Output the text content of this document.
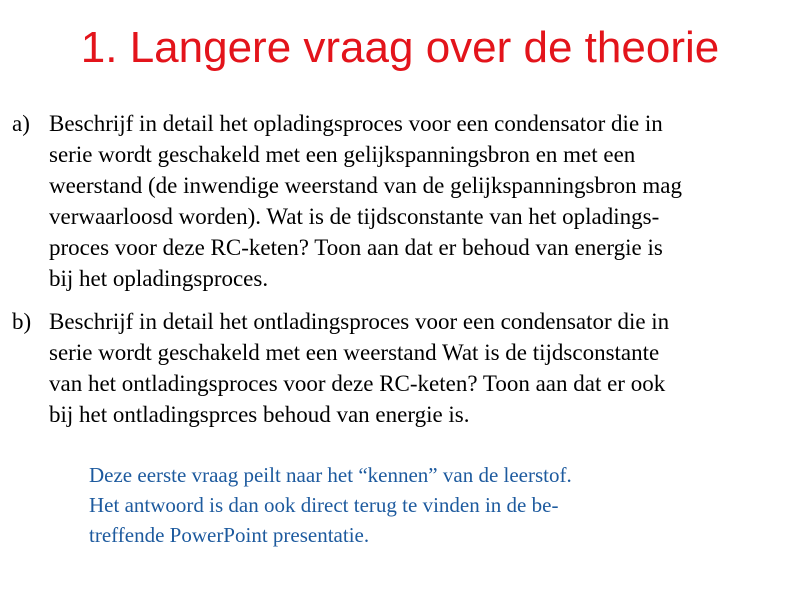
1. Langere vraag over de theorie
a) Beschrijf in detail het opladingsproces voor een condensator die in
serie wordt geschakeld met een gelijkspanningsbron en met een
weerstand (de inwendige weerstand van de gelijkspanningsbron mag
verwaarloosd worden). Wat is de tijdsconstante van het opladings-
proces voor deze RC-keten? Toon aan dat er behoud van energie is
bij het opladingsproces.
b) Beschrijf in detail het ontladingsproces voor een condensator die in
serie wordt geschakeld met een weerstand Wat is de tijdsconstante
van het ontladingsproces voor deze RC-keten? Toon aan dat er ook
bij het ontladingsprces behoud van energie is.
Deze eerste vraag peilt naar het “kennen” van de leerstof.
Het antwoord is dan ook direct terug te vinden in de be-
treffende PowerPoint presentatie.
